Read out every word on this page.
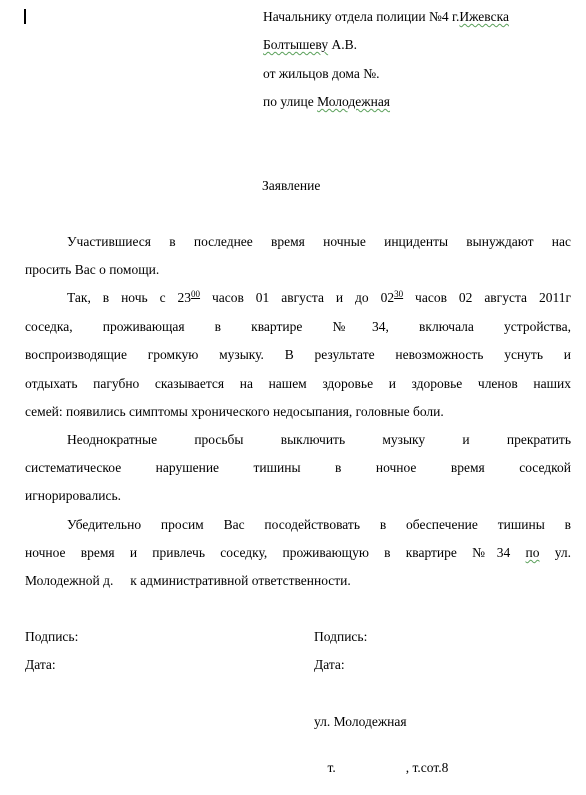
Начальнику отдела полиции №4 г.Ижевска
Болтышеву А.В.
от жильцов дома №.
по улице Молодежная
Заявление
Участившиеся в последнее время ночные инциденты вынуждают нас
просить Вас о помощи.
Так, в ночь с $23^{00}$ часов 01 августа и до $02^{30}$ часов 02 августа 2011г
соседка, проживающая в квартире №34, включала устройства,
воспроизводящие громкую музыку. В результате невозможность уснуть и
отдыхать пагубно сказывается на нашем здоровье и здоровье членов наших
семей: появились симптомы хронического недосыпания, головные боли.
Неоднократные просьбы выключить музыку и прекратить
систематическое нарушение тишины в ночное время соседкой
игнорировались.
Убедительно просим Вас посодействовать в обеспечение тишины в
ночное время и привлечь соседку, проживающую в квартире №34 по ул.
Молодежной д.     к административной ответственности.
Подпись:
Дата:
Подпись:
Дата:
ул. Молодежная

т.	, т.сот.8
